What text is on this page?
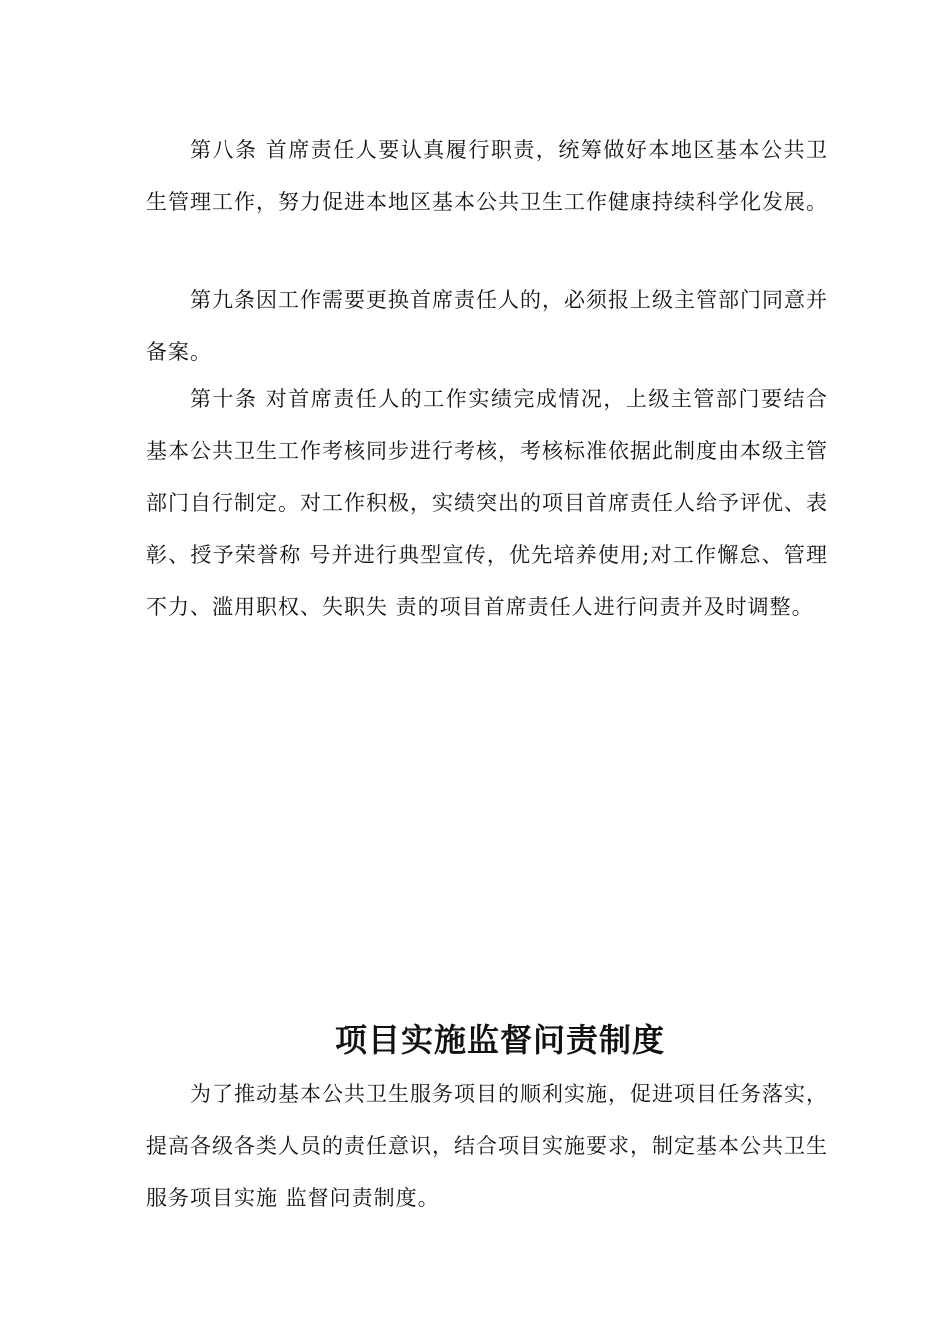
第八条 首席责任人要认真履行职责，统筹做好本地区基本公共卫生管理工作，努力促进本地区基本公共卫生工作健康持续科学化发展。

第九条因工作需要更换首席责任人的，必须报上级主管部门同意并备案。

第十条 对首席责任人的工作实绩完成情况，上级主管部门要结合基本公共卫生工作考核同步进行考核，考核标准依据此制度由本级主管部门自行制定。对工作积极，实绩突出的项目首席责任人给予评优、表彰、授予荣誉称 号并进行典型宣传，优先培养使用;对工作懈怠、管理不力、滥用职权、失职失 责的项目首席责任人进行问责并及时调整。

项目实施监督问责制度

为了推动基本公共卫生服务项目的顺利实施，促进项目任务落实，提高各级各类人员的责任意识，结合项目实施要求，制定基本公共卫生服务项目实施 监督问责制度。
